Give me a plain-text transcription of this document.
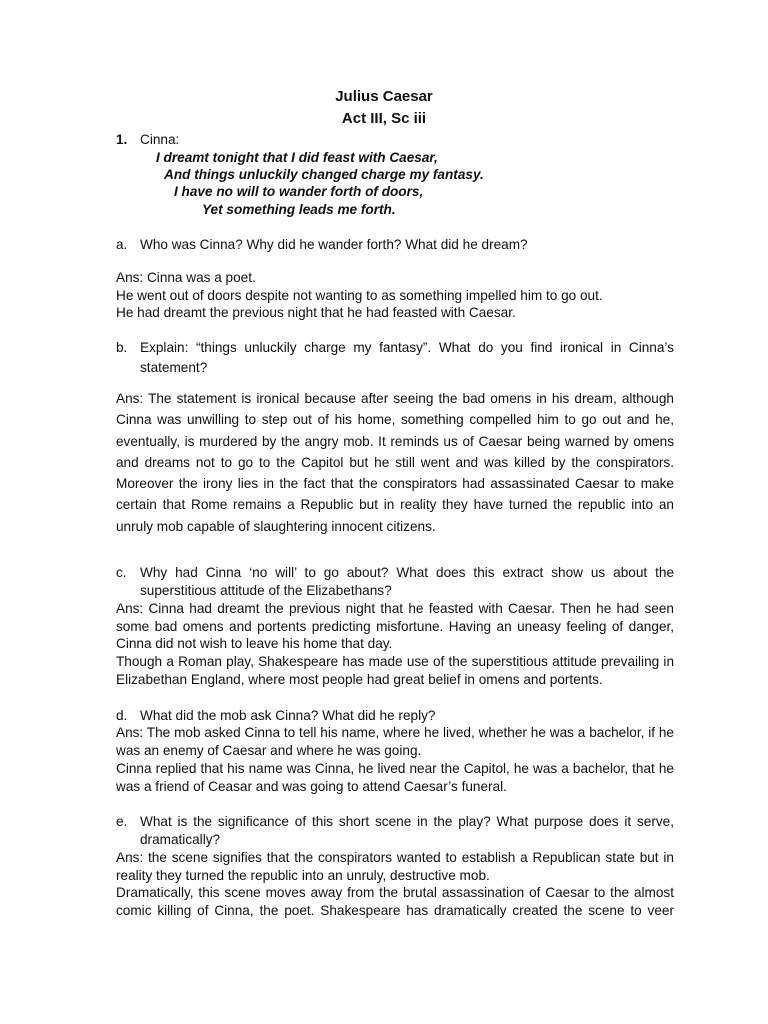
Julius Caesar
Act III, Sc iii
1. Cinna:
I dreamt tonight that I did feast with Caesar,
And things unluckily changed charge my fantasy.
I have no will to wander forth of doors,
Yet something leads me forth.
a. Who was Cinna? Why did he wander forth? What did he dream?
Ans: Cinna was a poet.
He went out of doors despite not wanting to as something impelled him to go out.
He had dreamt the previous night that he had feasted with Caesar.
b. Explain: “things unluckily charge my fantasy”. What do you find ironical in Cinna’s statement?
Ans: The statement is ironical because after seeing the bad omens in his dream, although Cinna was unwilling to step out of his home, something compelled him to go out and he, eventually, is murdered by the angry mob. It reminds us of Caesar being warned by omens and dreams not to go to the Capitol but he still went and was killed by the conspirators. Moreover the irony lies in the fact that the conspirators had assassinated Caesar to make certain that Rome remains a Republic but in reality they have turned the republic into an unruly mob capable of slaughtering innocent citizens.
c. Why had Cinna ‘no will’ to go about? What does this extract show us about the superstitious attitude of the Elizabethans?
Ans: Cinna had dreamt the previous night that he feasted with Caesar. Then he had seen some bad omens and portents predicting misfortune. Having an uneasy feeling of danger, Cinna did not wish to leave his home that day.
Though a Roman play, Shakespeare has made use of the superstitious attitude prevailing in Elizabethan England, where most people had great belief in omens and portents.
d. What did the mob ask Cinna? What did he reply?
Ans: The mob asked Cinna to tell his name, where he lived, whether he was a bachelor, if he was an enemy of Caesar and where he was going.
Cinna replied that his name was Cinna, he lived near the Capitol, he was a bachelor, that he was a friend of Ceasar and was going to attend Caesar’s funeral.
e. What is the significance of this short scene in the play? What purpose does it serve, dramatically?
Ans: the scene signifies that the conspirators wanted to establish a Republican state but in reality they turned the republic into an unruly, destructive mob.
Dramatically, this scene moves away from the brutal assassination of Caesar to the almost comic killing of Cinna, the poet. Shakespeare has dramatically created the scene to veer
